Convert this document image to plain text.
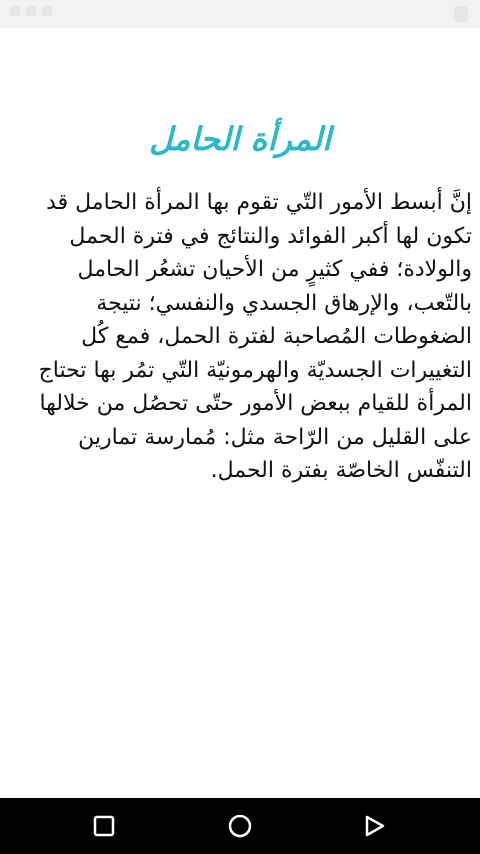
المرأة الحامل

إنَّ أبسط الأمور التّي تقوم بها المرأة الحامل قد تكون لها أكبر الفوائد والنتائج في فترة الحمل والولادة؛ ففي كثيرٍ من الأحيان تشعُر الحامل بالتّعب، والإرهاق الجسدي والنفسي؛ نتيجة الضغوطات المُصاحبة لفترة الحمل، فمع كُل التغييرات الجسديّة والهرمونيّة التّي تمُر بها تحتاج المرأة للقيام ببعض الأمور حتّى تحصُل من خلالها على القليل من الرّاحة مثل: مُمارسة تمارين التنفّس الخاصّة بفترة الحمل.
